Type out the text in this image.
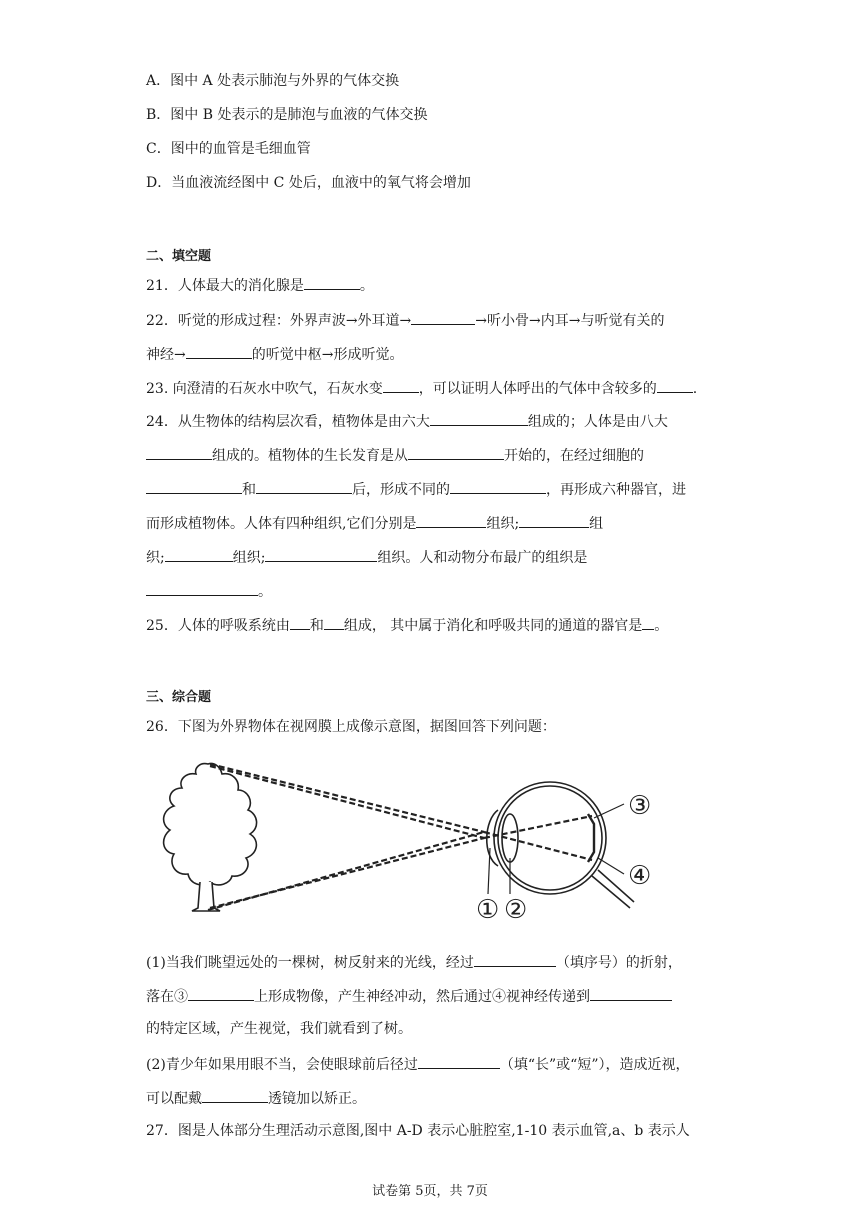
A．图中 A 处表示肺泡与外界的气体交换
B．图中 B 处表示的是肺泡与血液的气体交换
C．图中的血管是毛细血管
D．当血液流经图中 C 处后，血液中的氧气将会增加
二、填空题
21．人体最大的消化腺是	。
22．听觉的形成过程：外界声波→外耳道→	→听小骨→内耳→与听觉有关的
神经→	的听觉中枢→形成听觉。
23. 向澄清的石灰水中吹气，石灰水变	，可以证明人体呼出的气体中含较多的	.
24．从生物体的结构层次看，植物体是由六大	组成的；人体是由八大
组成的。植物体的生长发育是从	开始的，在经过细胞的
和	后，形成不同的	，再形成六种器官，进
而形成植物体。人体有四种组织,它们分别是	组织;	组
织;	组织;	组织。人和动物分布最广的组织是
。
25．人体的呼吸系统由 和 组成， 其中属于消化和呼吸共同的通道的器官是 。
三、综合题
26．下图为外界物体在视网膜上成像示意图，据图回答下列问题：
③
④
① ②
(1)当我们眺望远处的一棵树，树反射来的光线，经过	（填序号）的折射，
落在③	上形成物像，产生神经冲动，然后通过④视神经传递到
的特定区域，产生视觉，我们就看到了树。
(2)青少年如果用眼不当，会使眼球前后径过	（填“长”或“短”），造成近视，
可以配戴	透镜加以矫正。
27．图是人体部分生理活动示意图,图中 A-D 表示心脏腔室,1-10 表示血管,a、b 表示人
试卷第 5页，共 7页
